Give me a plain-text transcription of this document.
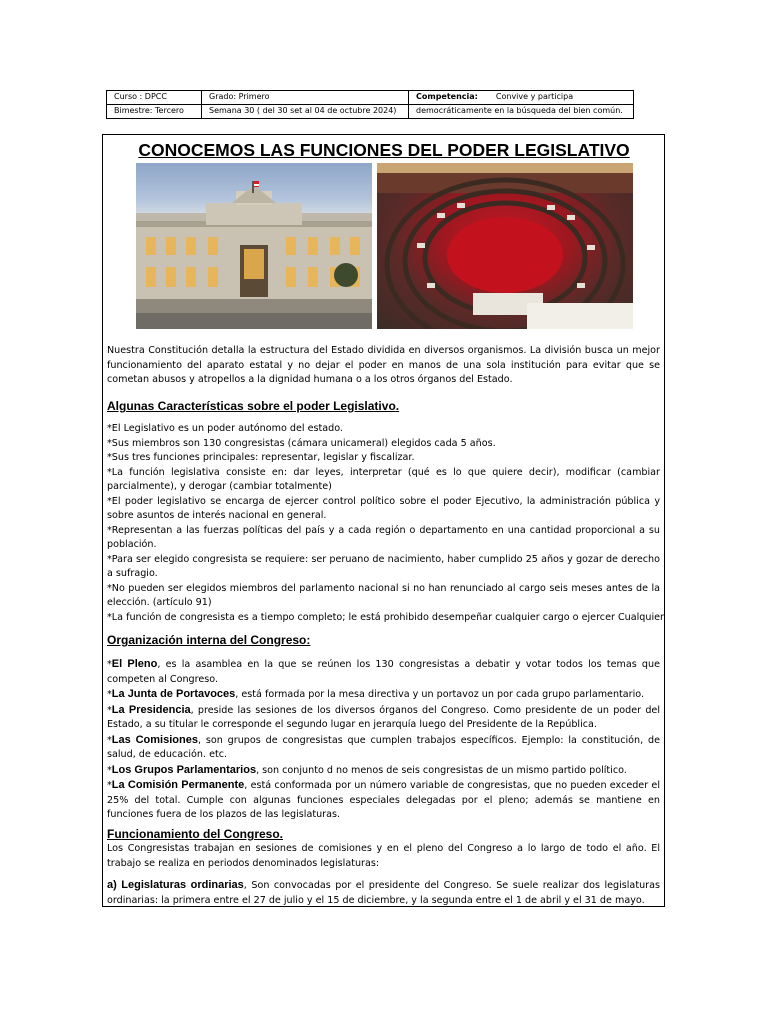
Curso : DPCC	Grado: Primero	Competencia: Convive y participa
Bimestre: Tercero	Semana 30 ( del 30 set al 04 de octubre 2024)	democráticamente en la búsqueda del bien común.
CONOCEMOS LAS FUNCIONES DEL PODER LEGISLATIVO
Nuestra Constitución detalla la estructura del Estado dividida en diversos organismos. La división busca un mejor funcionamiento del aparato estatal y no dejar el poder en manos de una sola institución para evitar que se cometan abusos y atropellos a la dignidad humana o a los otros órganos del Estado.
Algunas Características sobre el poder Legislativo.
*El Legislativo es un poder autónomo del estado.
*Sus miembros son 130 congresistas (cámara unicameral) elegidos cada 5 años.
*Sus tres funciones principales: representar, legislar y fiscalizar.
*La función legislativa consiste en: dar leyes, interpretar (qué es lo que quiere decir), modificar (cambiar parcialmente), y derogar (cambiar totalmente)
*El poder legislativo se encarga de ejercer control político sobre el poder Ejecutivo, la administración pública y sobre asuntos de interés nacional en general.
*Representan a las fuerzas políticas del país y a cada región o departamento en una cantidad proporcional a su población.
*Para ser elegido congresista se requiere: ser peruano de nacimiento, haber cumplido 25 años y gozar de derecho a sufragio.
*No pueden ser elegidos miembros del parlamento nacional si no han renunciado al cargo seis meses antes de la elección. (artículo 91)
*La función de congresista es a tiempo completo; le está prohibido desempeñar cualquier cargo o ejercer Cualquier
Organización interna del Congreso:
*El Pleno, es la asamblea en la que se reúnen los 130 congresistas a debatir y votar todos los temas que competen al Congreso.
*La Junta de Portavoces, está formada por la mesa directiva y un portavoz un por cada grupo parlamentario.
*La Presidencia, preside las sesiones de los diversos órganos del Congreso. Como presidente de un poder del Estado, a su titular le corresponde el segundo lugar en jerarquía luego del Presidente de la República.
*Las Comisiones, son grupos de congresistas que cumplen trabajos específicos. Ejemplo: la constitución, de salud, de educación. etc.
*Los Grupos Parlamentarios, son conjunto d no menos de seis congresistas de un mismo partido político.
*La Comisión Permanente, está conformada por un número variable de congresistas, que no pueden exceder el 25% del total. Cumple con algunas funciones especiales delegadas por el pleno; además se mantiene en funciones fuera de los plazos de las legislaturas.
Funcionamiento del Congreso.
Los Congresistas trabajan en sesiones de comisiones y en el pleno del Congreso a lo largo de todo el año. El trabajo se realiza en periodos denominados legislaturas:
a) Legislaturas ordinarias, Son convocadas por el presidente del Congreso. Se suele realizar dos legislaturas ordinarias: la primera entre el 27 de julio y el 15 de diciembre, y la segunda entre el 1 de abril y el 31 de mayo.
